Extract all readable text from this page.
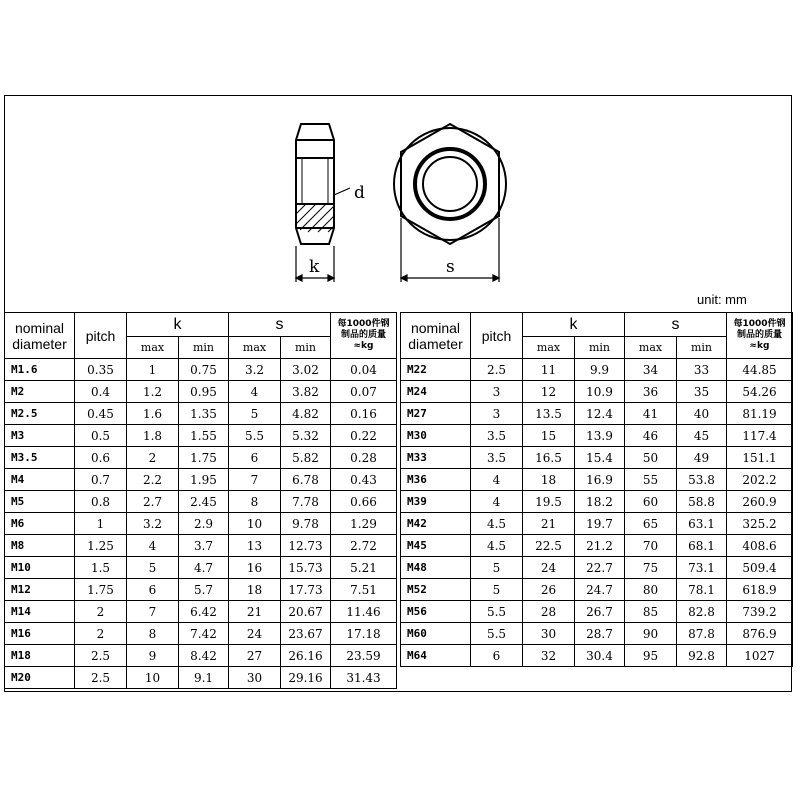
d
k	s
unit: mm
nominal
diameter	pitch	k		s		每1000件钢
制品的质量
≈kg
		max	min	max	min	
M1.6	0.35	1	0.75	3.2	3.02	0.04
M2	0.4	1.2	0.95	4	3.82	0.07
M2.5	0.45	1.6	1.35	5	4.82	0.16
M3	0.5	1.8	1.55	5.5	5.32	0.22
M3.5	0.6	2	1.75	6	5.82	0.28
M4	0.7	2.2	1.95	7	6.78	0.43
M5	0.8	2.7	2.45	8	7.78	0.66
M6	1	3.2	2.9	10	9.78	1.29
M8	1.25	4	3.7	13	12.73	2.72
M10	1.5	5	4.7	16	15.73	5.21
M12	1.75	6	5.7	18	17.73	7.51
M14	2	7	6.42	21	20.67	11.46
M16	2	8	7.42	24	23.67	17.18
M18	2.5	9	8.42	27	26.16	23.59
M20	2.5	10	9.1	30	29.16	31.43
nominal
diameter	pitch	k		s		每1000件钢
制品的质量
≈kg
		max	min	max	min	
M22	2.5	11	9.9	34	33	44.85
M24	3	12	10.9	36	35	54.26
M27	3	13.5	12.4	41	40	81.19
M30	3.5	15	13.9	46	45	117.4
M33	3.5	16.5	15.4	50	49	151.1
M36	4	18	16.9	55	53.8	202.2
M39	4	19.5	18.2	60	58.8	260.9
M42	4.5	21	19.7	65	63.1	325.2
M45	4.5	22.5	21.2	70	68.1	408.6
M48	5	24	22.7	75	73.1	509.4
M52	5	26	24.7	80	78.1	618.9
M56	5.5	28	26.7	85	82.8	739.2
M60	5.5	30	28.7	90	87.8	876.9
M64	6	32	30.4	95	92.8	1027
